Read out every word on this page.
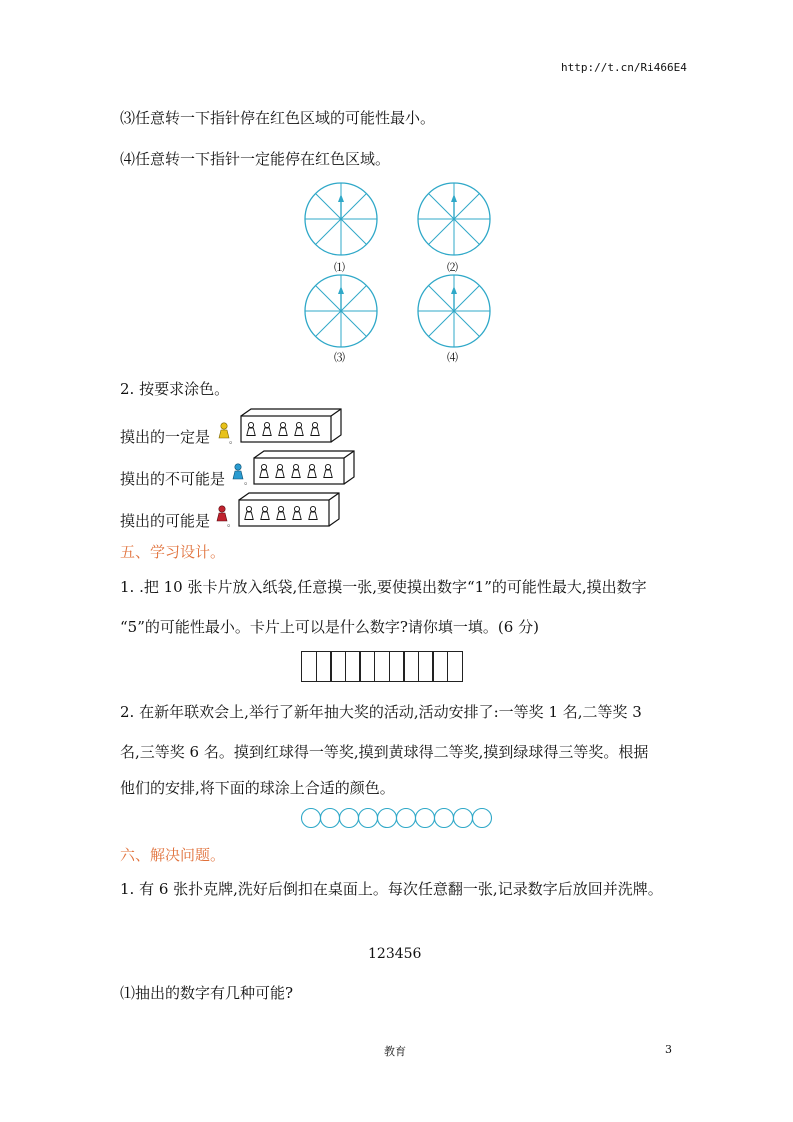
http://t.cn/Ri466E4
⑶任意转一下指针停在红色区域的可能性最小。
⑷任意转一下指针一定能停在红色区域。
⑴	⑵
⑶	⑷
2. 按要求涂色。
摸出的一定是
摸出的不可能是
摸出的可能是
。
。
。
五、学习设计。
1. .把 10 张卡片放入纸袋,任意摸一张,要使摸出数字“1”的可能性最大,摸出数字
“5”的可能性最小。卡片上可以是什么数字?请你填一填。(6 分)
2. 在新年联欢会上,举行了新年抽大奖的活动,活动安排了:一等奖 1 名,二等奖 3
名,三等奖 6 名。摸到红球得一等奖,摸到黄球得二等奖,摸到绿球得三等奖。根据
他们的安排,将下面的球涂上合适的颜色。
六、解决问题。
1. 有 6 张扑克牌,洗好后倒扣在桌面上。每次任意翻一张,记录数字后放回并洗牌。
123456
⑴抽出的数字有几种可能?
教育	3
